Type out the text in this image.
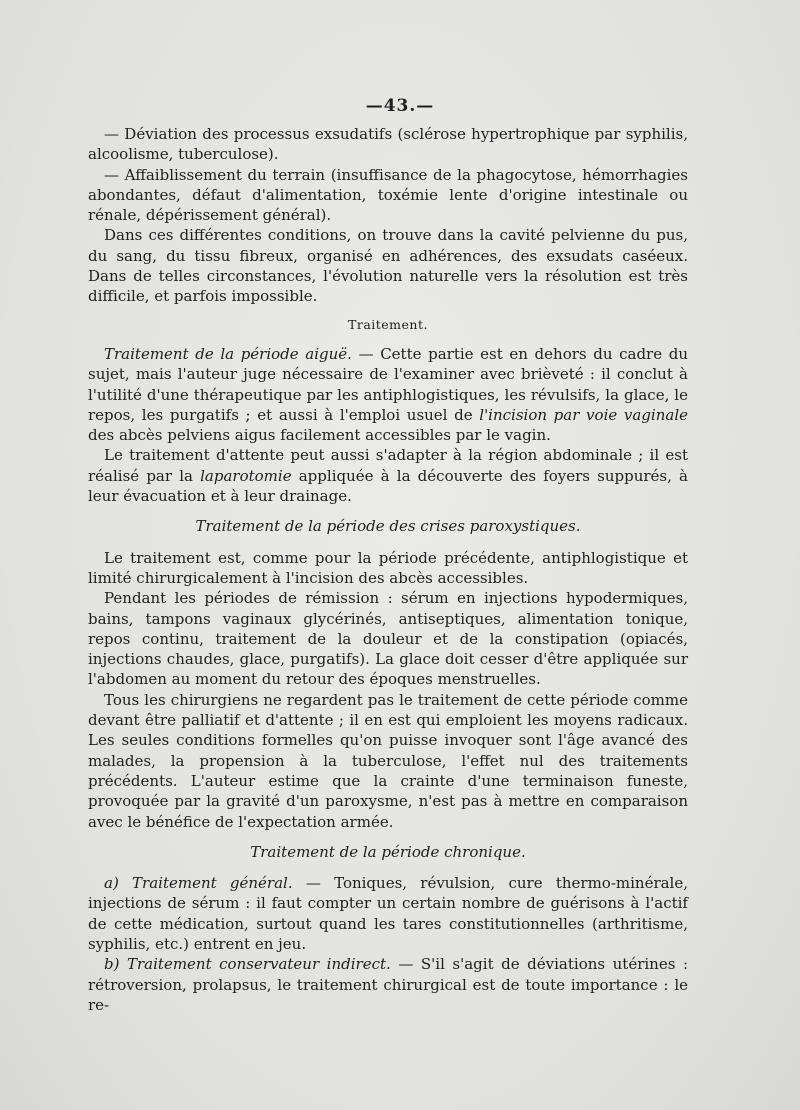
—43.—

— Déviation des processus exsudatifs (sclérose hypertrophique par syphilis, alcoolisme, tuberculose).

— Affaiblissement du terrain (insuffisance de la phagocytose, hémorrhagies abondantes, défaut d'alimentation, toxémie lente d'origine intestinale ou rénale, dépérissement général).

Dans ces différentes conditions, on trouve dans la cavité pelvienne du pus, du sang, du tissu fibreux, organisé en adhérences, des exsudats caséeux. Dans de telles circonstances, l'évolution naturelle vers la résolution est très difficile, et parfois impossible.

Traitement.

Traitement de la période aiguë. — Cette partie est en dehors du cadre du sujet, mais l'auteur juge nécessaire de l'examiner avec brièveté : il conclut à l'utilité d'une thérapeutique par les antiphlogistiques, les révulsifs, la glace, le repos, les purgatifs ; et aussi à l'emploi usuel de l'incision par voie vaginale des abcès pelviens aigus facilement accessibles par le vagin.

Le traitement d'attente peut aussi s'adapter à la région abdominale ; il est réalisé par la laparotomie appliquée à la découverte des foyers suppurés, à leur évacuation et à leur drainage.

Traitement de la période des crises paroxystiques.

Le traitement est, comme pour la période précédente, antiphlogistique et limité chirurgicalement à l'incision des abcès accessibles.

Pendant les périodes de rémission : sérum en injections hypodermiques, bains, tampons vaginaux glycérinés, antiseptiques, alimentation tonique, repos continu, traitement de la douleur et de la constipation (opiacés, injections chaudes, glace, purgatifs). La glace doit cesser d'être appliquée sur l'abdomen au moment du retour des époques menstruelles.

Tous les chirurgiens ne regardent pas le traitement de cette période comme devant être palliatif et d'attente ; il en est qui emploient les moyens radicaux. Les seules conditions formelles qu'on puisse invoquer sont l'âge avancé des malades, la propension à la tuberculose, l'effet nul des traitements précédents. L'auteur estime que la crainte d'une terminaison funeste, provoquée par la gravité d'un paroxysme, n'est pas à mettre en comparaison avec le bénéfice de l'expectation armée.

Traitement de la période chronique.

a) Traitement général. — Toniques, révulsion, cure thermo-minérale, injections de sérum : il faut compter un certain nombre de guérisons à l'actif de cette médication, surtout quand les tares constitutionnelles (arthritisme, syphilis, etc.) entrent en jeu.

b) Traitement conservateur indirect. — S'il s'agit de déviations utérines : rétroversion, prolapsus, le traitement chirurgical est de toute importance : le re-
